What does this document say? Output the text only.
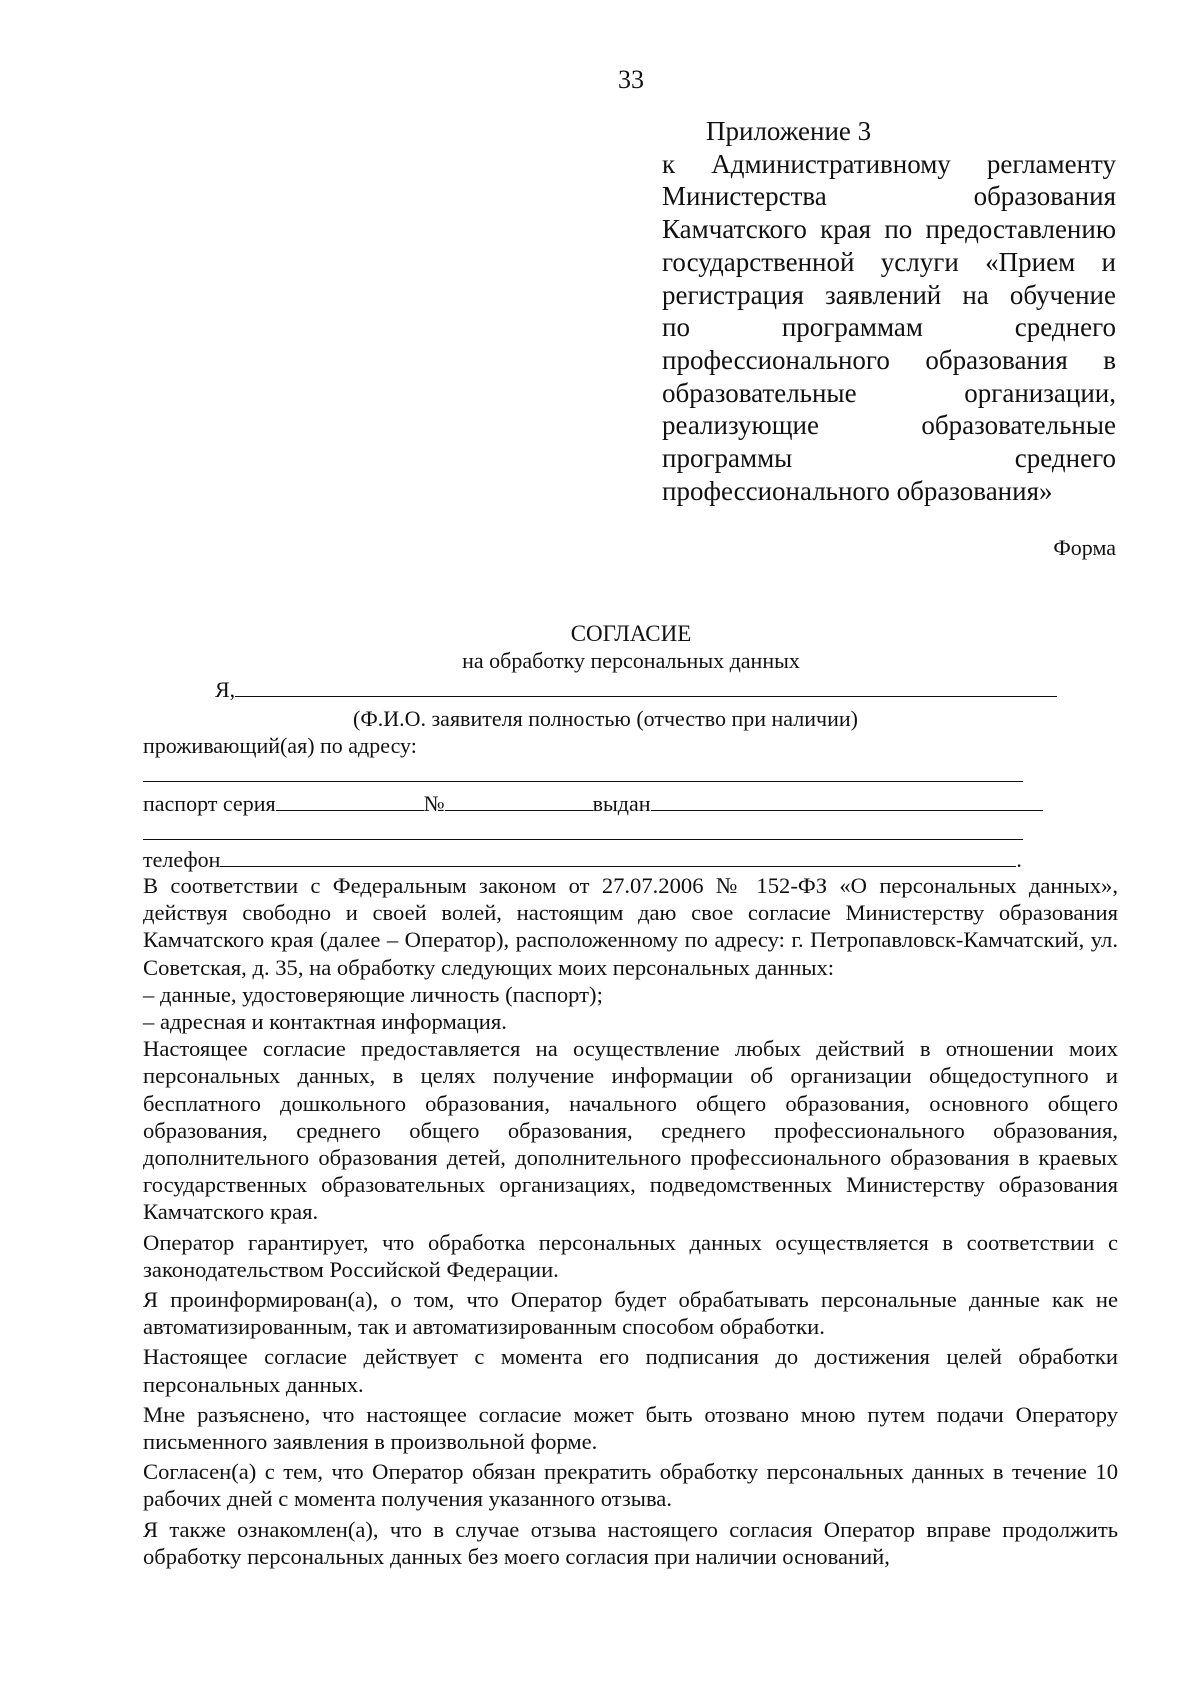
33
Приложение 3
к Административному регламенту
Министерства образования
Камчатского края по предоставлению
государственной услуги «Прием и
регистрация заявлений на обучение
по программам среднего
профессионального образования в
образовательные организации,
реализующие образовательные
программы среднего
профессионального образования»
Форма
СОГЛАСИЕ
на обработку персональных данных
Я,
(Ф.И.О. заявителя полностью (отчество при наличии)
проживающий(ая) по адресу:
паспорт серия	№	выдан
телефон	.

В соответствии с Федеральным законом от 27.07.2006 № 152-ФЗ «О персональных данных», действуя свободно и своей волей, настоящим даю свое согласие Министерству образования Камчатского края (далее – Оператор), расположенному по адресу: г. Петропавловск-Камчатский, ул. Советская, д. 35, на обработку следующих моих персональных данных:

– данные, удостоверяющие личность (паспорт);

– адресная и контактная информация.

Настоящее согласие предоставляется на осуществление любых действий в отношении моих персональных данных, в целях получение информации об организации общедоступного и бесплатного дошкольного образования, начального общего образования, основного общего образования, среднего общего образования, среднего профессионального образования, дополнительного образования детей, дополнительного профессионального образования в краевых государственных образовательных организациях, подведомственных Министерству образования Камчатского края.

Оператор гарантирует, что обработка персональных данных осуществляется в соответствии с законодательством Российской Федерации.

Я проинформирован(а), о том, что Оператор будет обрабатывать персональные данные как не автоматизированным, так и автоматизированным способом обработки.

Настоящее согласие действует с момента его подписания до достижения целей обработки персональных данных.

Мне разъяснено, что настоящее согласие может быть отозвано мною путем подачи Оператору письменного заявления в произвольной форме.

Согласен(а) с тем, что Оператор обязан прекратить обработку персональных данных в течение 10 рабочих дней с момента получения указанного отзыва.

Я также ознакомлен(а), что в случае отзыва настоящего согласия Оператор вправе продолжить обработку персональных данных без моего согласия при наличии оснований,
